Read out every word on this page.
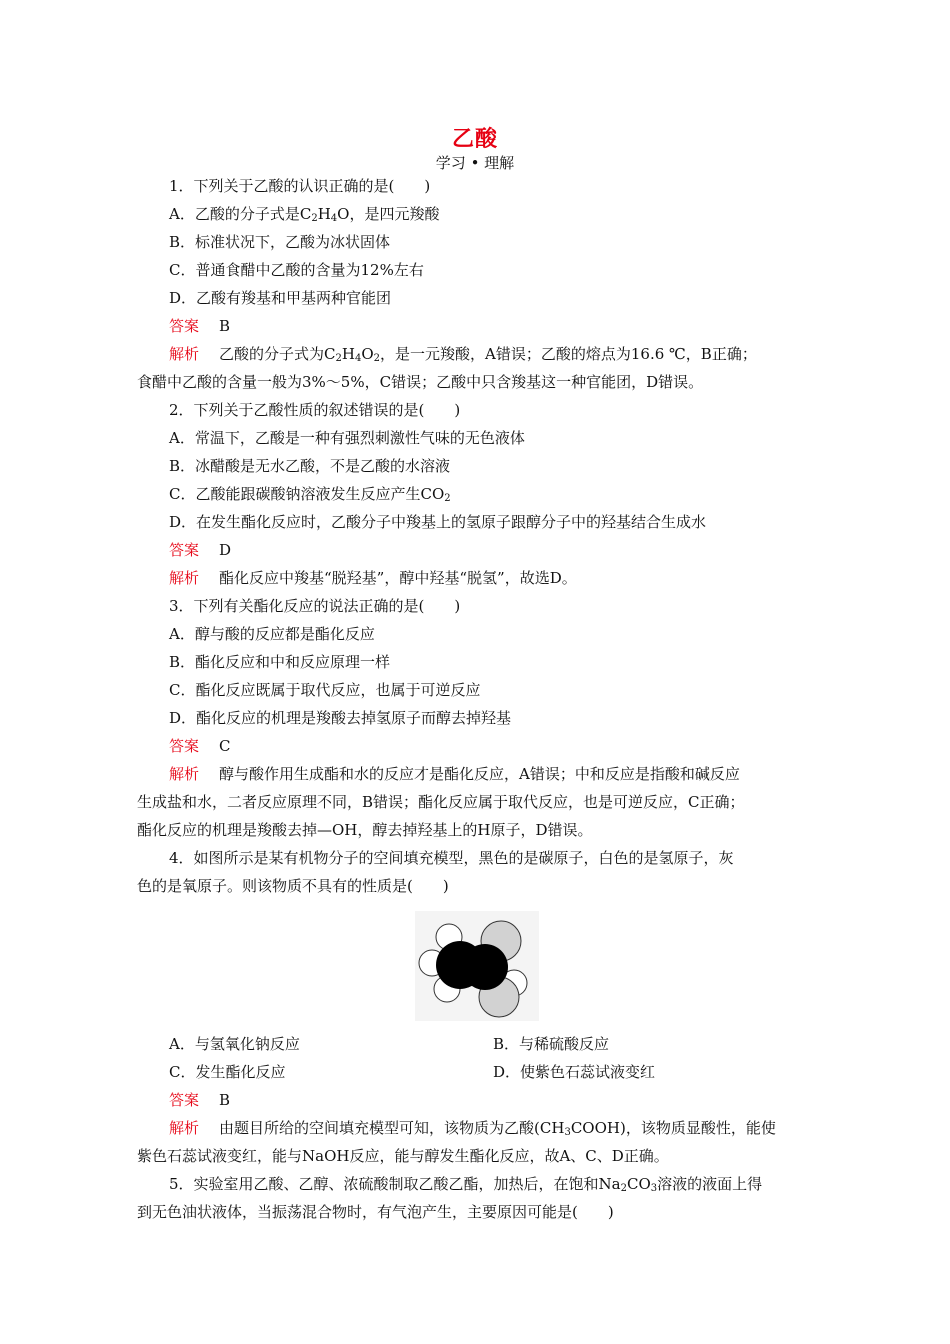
乙酸
学习 • 理解
1．下列关于乙酸的认识正确的是(　　)
A．乙酸的分子式是$C_2H_4O$，是四元羧酸
B．标准状况下，乙酸为冰状固体
C．普通食醋中乙酸的含量为12%左右
D．乙酸有羧基和甲基两种官能团
答案 B
解析 乙酸的分子式为$C_2H_4O_2$，是一元羧酸，A错误；乙酸的熔点为16.6 ℃，B正确；
食醋中乙酸的含量一般为3%～5%，C错误；乙酸中只含羧基这一种官能团，D错误。
2．下列关于乙酸性质的叙述错误的是(　　)
A．常温下，乙酸是一种有强烈刺激性气味的无色液体
B．冰醋酸是无水乙酸，不是乙酸的水溶液
C．乙酸能跟碳酸钠溶液发生反应产生$CO_2$
D．在发生酯化反应时，乙酸分子中羧基上的氢原子跟醇分子中的羟基结合生成水
答案 D
解析 酯化反应中羧基“脱羟基”，醇中羟基“脱氢”，故选D。
3．下列有关酯化反应的说法正确的是(　　)
A．醇与酸的反应都是酯化反应
B．酯化反应和中和反应原理一样
C．酯化反应既属于取代反应，也属于可逆反应
D．酯化反应的机理是羧酸去掉氢原子而醇去掉羟基
答案 C
解析 醇与酸作用生成酯和水的反应才是酯化反应，A错误；中和反应是指酸和碱反应
生成盐和水，二者反应原理不同，B错误；酯化反应属于取代反应，也是可逆反应，C正确；
酯化反应的机理是羧酸去掉—OH，醇去掉羟基上的H原子，D错误。
4．如图所示是某有机物分子的空间填充模型，黑色的是碳原子，白色的是氢原子，灰
色的是氧原子。则该物质不具有的性质是(　　)
A．与氢氧化钠反应	B．与稀硫酸反应
C．发生酯化反应	D．使紫色石蕊试液变红
答案 B
解析 由题目所给的空间填充模型可知，该物质为乙酸$(CH_3COOH)$，该物质显酸性，能使
紫色石蕊试液变红，能与NaOH反应，能与醇发生酯化反应，故A、C、D正确。
5．实验室用乙酸、乙醇、浓硫酸制取乙酸乙酯，加热后，在饱和$Na_2CO_3$溶液的液面上得
到无色油状液体，当振荡混合物时，有气泡产生，主要原因可能是(　　)
